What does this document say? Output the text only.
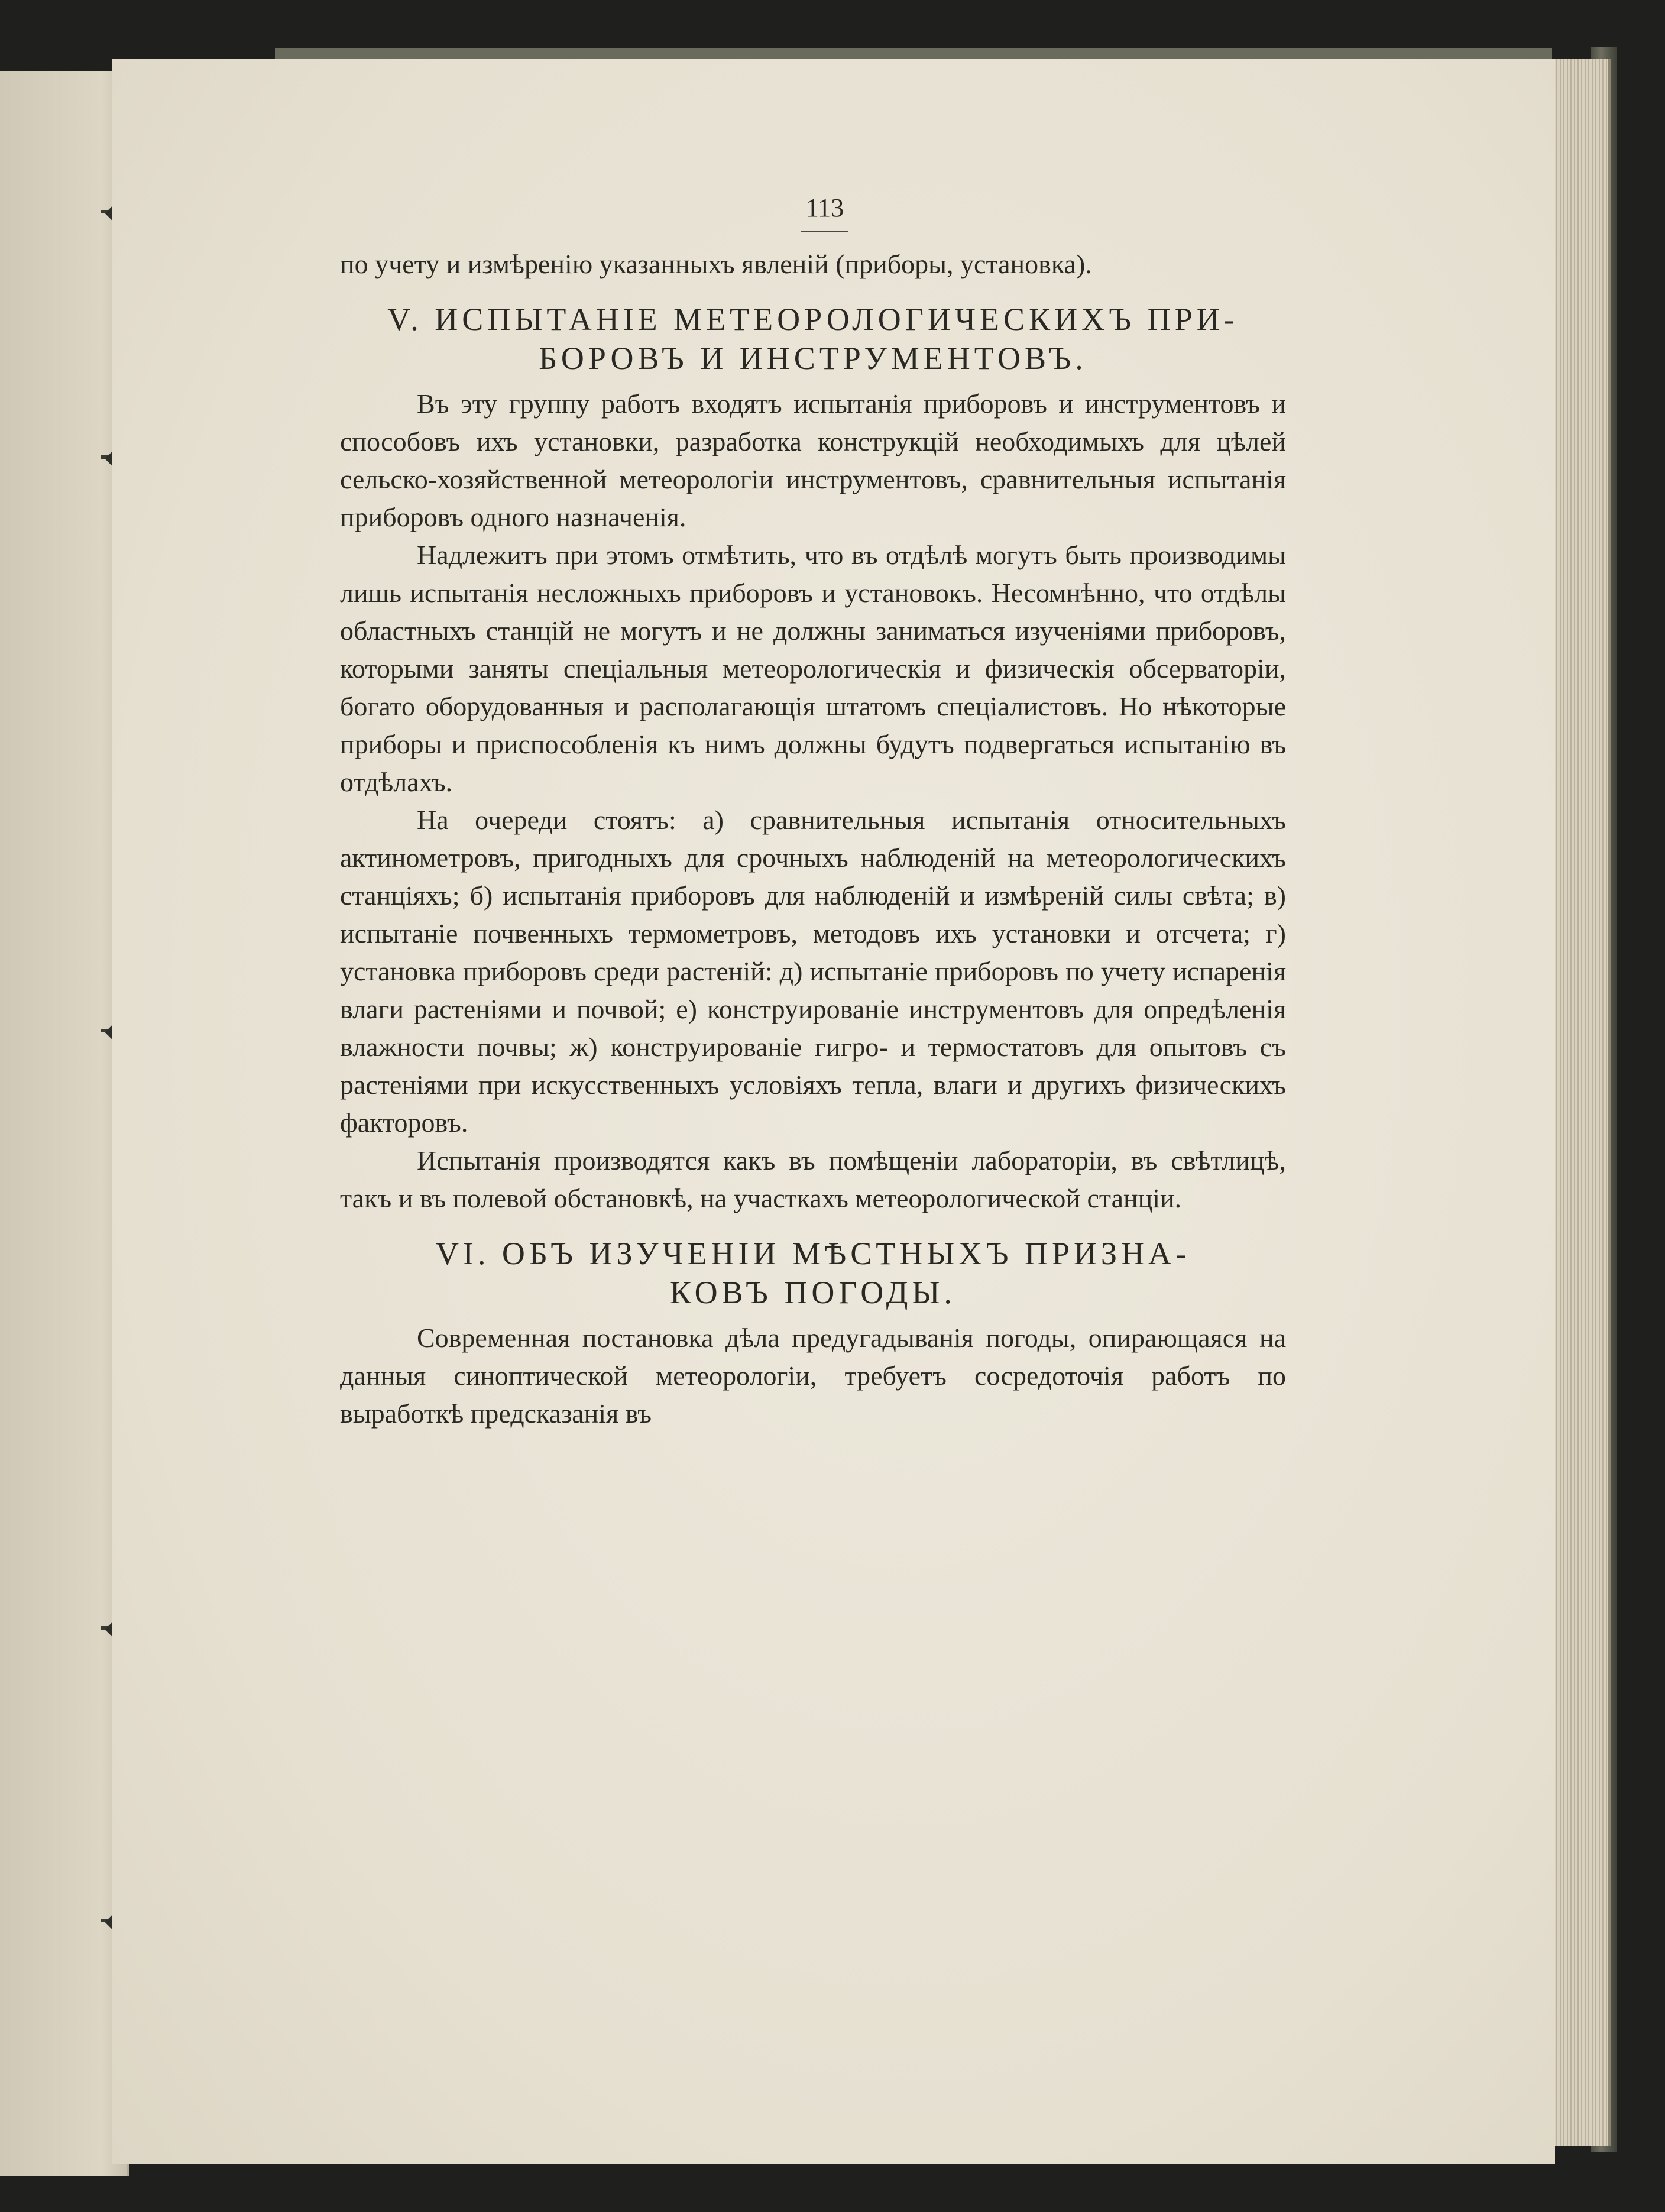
113

по учету и измѣренію указанныхъ явленій (приборы, установка).

V. ИСПЫТАНІЕ МЕТЕОРОЛОГИЧЕСКИХЪ ПРИ-
БОРОВЪ И ИНСТРУМЕНТОВЪ.

Въ эту группу работъ входятъ испытанія приборовъ и инструментовъ и способовъ ихъ установки, разработка конструкцій необходимыхъ для цѣлей сельско-хозяйственной метеорологіи инструментовъ, сравнительныя испытанія приборовъ одного назначенія.

Надлежитъ при этомъ отмѣтить, что въ отдѣлѣ могутъ быть производимы лишь испытанія несложныхъ приборовъ и установокъ. Несомнѣнно, что отдѣлы областныхъ станцій не могутъ и не должны заниматься изученіями приборовъ, которыми заняты спеціальныя метеорологическія и физическія обсерваторіи, богато оборудованныя и располагающія штатомъ спеціалистовъ. Но нѣкоторые приборы и приспособленія къ нимъ должны будутъ подвергаться испытанію въ отдѣлахъ.

На очереди стоятъ: а) сравнительныя испытанія относительныхъ актинометровъ, пригодныхъ для срочныхъ наблюденій на метеорологическихъ станціяхъ; б) испытанія приборовъ для наблюденій и измѣреній силы свѣта; в) испытаніе почвенныхъ термометровъ, методовъ ихъ установки и отсчета; г) установка приборовъ среди растеній: д) испытаніе приборовъ по учету испаренія влаги растеніями и почвой; е) конструированіе инструментовъ для опредѣленія влажности почвы; ж) конструированіе гигро- и термостатовъ для опытовъ съ растеніями при искусственныхъ условіяхъ тепла, влаги и другихъ физическихъ факторовъ.

Испытанія производятся какъ въ помѣщеніи лабораторіи, въ свѣтлицѣ, такъ и въ полевой обстановкѣ, на участкахъ метеорологической станціи.

VI. ОБЪ ИЗУЧЕНІИ МѢСТНЫХЪ ПРИЗНА-
КОВЪ ПОГОДЫ.

Современная постановка дѣла предугадыванія погоды, опирающаяся на данныя синоптической метеорологіи, требуетъ сосредоточія работъ по выработкѣ предсказанія въ
